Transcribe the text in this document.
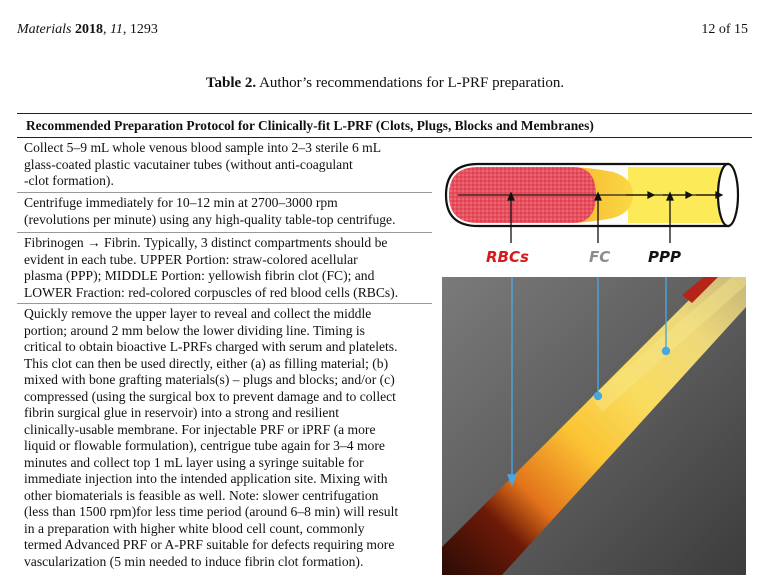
Materials 2018, 11, 1293	12 of 15
Table 2. Author’s recommendations for L-PRF preparation.
Recommended Preparation Protocol for Clinically-fit L-PRF (Clots, Plugs, Blocks and Membranes)
Collect 5–9 mL whole venous blood sample into 2–3 sterile 6 mL
glass-coated plastic vacutainer tubes (without anti-coagulant
-clot formation).
Centrifuge immediately for 10–12 min at 2700–3000 rpm
(revolutions per minute) using any high-quality table-top centrifuge.
Fibrinogen → Fibrin. Typically, 3 distinct compartments should be
evident in each tube. UPPER Portion: straw-colored acellular
plasma (PPP); MIDDLE Portion: yellowish fibrin clot (FC); and
LOWER Fraction: red-colored corpuscles of red blood cells (RBCs).
Quickly remove the upper layer to reveal and collect the middle
portion; around 2 mm below the lower dividing line. Timing is
critical to obtain bioactive L-PRFs charged with serum and platelets.
This clot can then be used directly, either (a) as filling material; (b)
mixed with bone grafting materials(s) – plugs and blocks; and/or (c)
compressed (using the surgical box to prevent damage and to collect
fibrin surgical glue in reservoir) into a strong and resilient
clinically-usable membrane. For injectable PRF or iPRF (a more
liquid or flowable formulation), centrigue tube again for 3–4 more
minutes and collect top 1 mL layer using a syringe suitable for
immediate injection into the intended application site. Mixing with
other biomaterials is feasible as well. Note: slower centrifugation
(less than 1500 rpm)for less time period (around 6–8 min) will result
in a preparation with higher white blood cell count, commonly
termed Advanced PRF or A-PRF suitable for defects requiring more
vascularization (5 min needed to induce fibrin clot formation).
RBCs	FC	PPP
